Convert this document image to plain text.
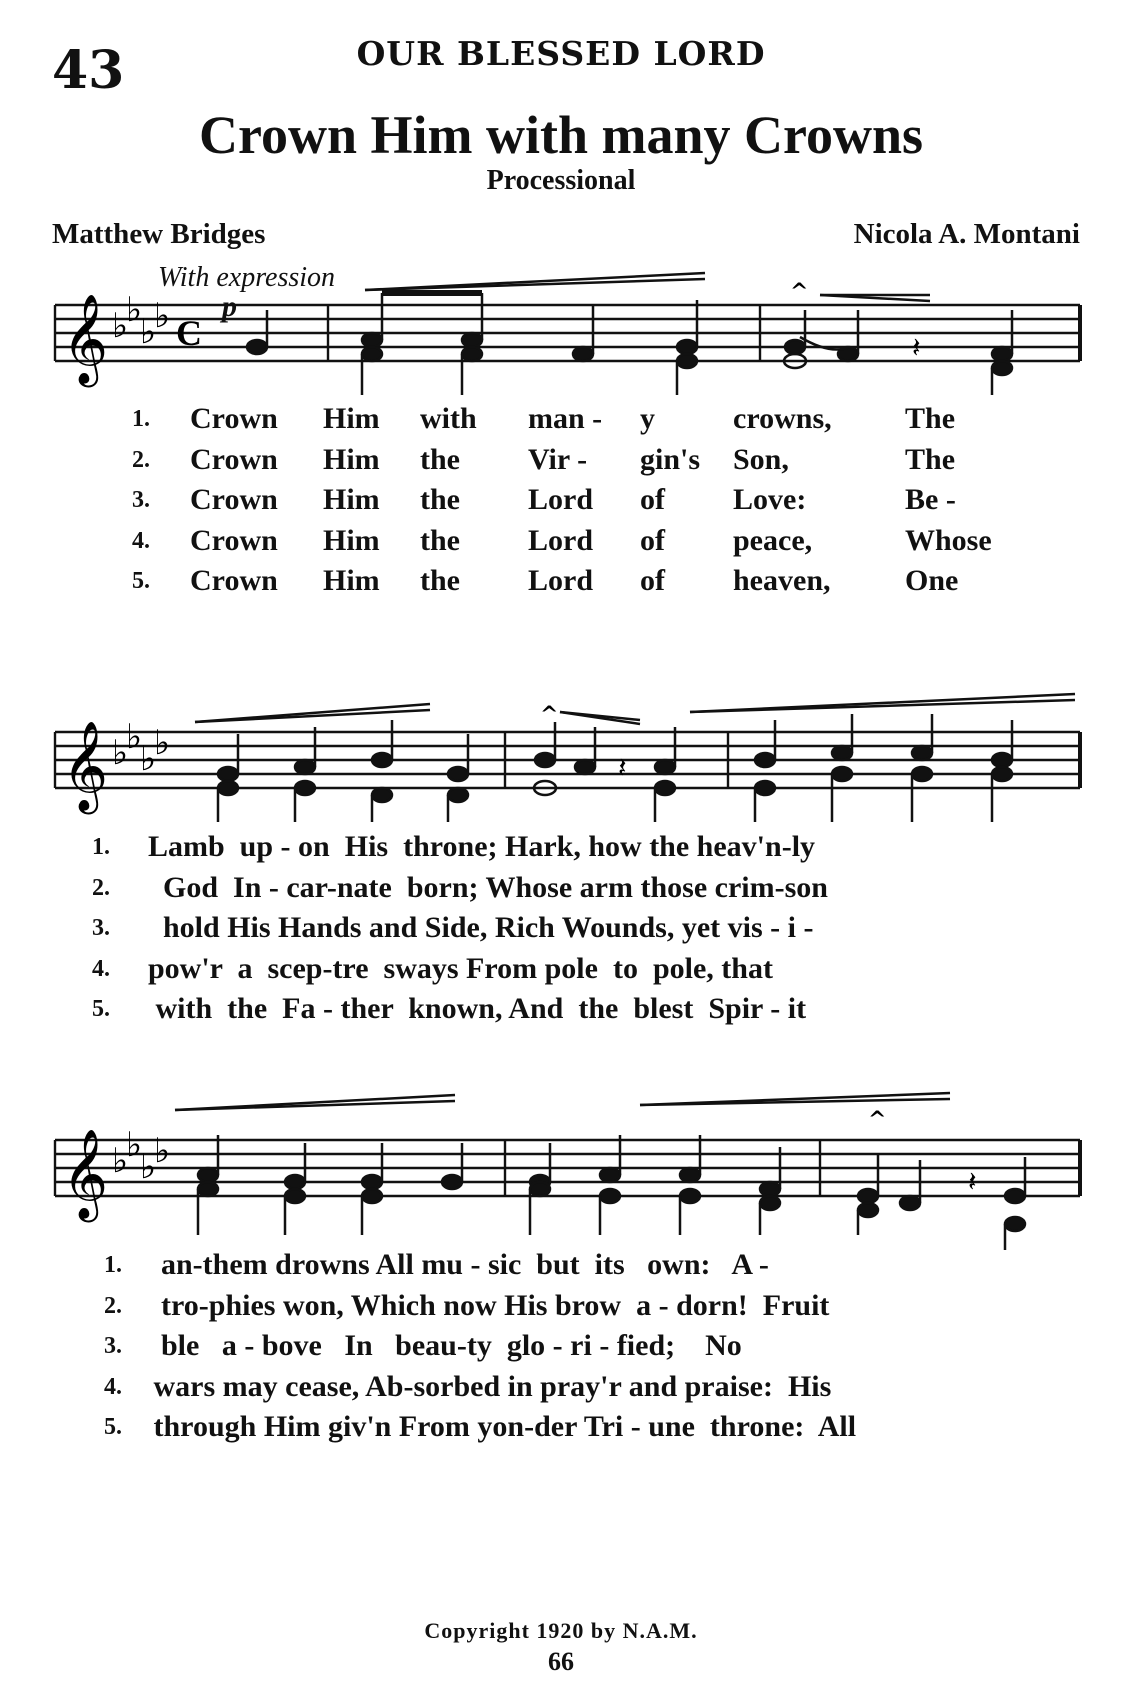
43	OUR BLESSED LORD
Crown Him with many Crowns
Processional
Matthew Bridges	Nicola A. Montani
With expression
p
𝄞 ♭
♭
♭
♭ C
^
𝄽
1. Crown Him with man - y	crowns, The
2. Crown Him the Vir - gin's Son,	The
3. Crown Him the Lord of Love:	Be -
4. Crown Him the Lord of peace,	Whose
5. Crown Him the Lord of heaven, One
𝄞 ♭
♭
♭
♭
^
𝄽
1. Lamb  up - on  His  throne; Hark, how the heav'n-ly
2. God  In - car-nate  born; Whose arm those crim-son
3. hold His Hands and Side, Rich Wounds, yet vis - i -
4. pow'r  a  scep-tre  sways From pole  to  pole, that
5. with  the  Fa - ther  known, And  the  blest  Spir - it
𝄞 ♭
♭
♭
♭
^
𝄽
1. an-them drowns All mu - sic  but  its   own:   A -
2. tro-phies won, Which now His brow  a - dorn!  Fruit
3. ble   a - bove   In   beau-ty  glo - ri - fied;    No
4. wars may cease, Ab-sorbed in pray'r and praise:  His
5. through Him giv'n From yon-der Tri - une  throne:  All
Copyright 1920 by N.A.M.
66
